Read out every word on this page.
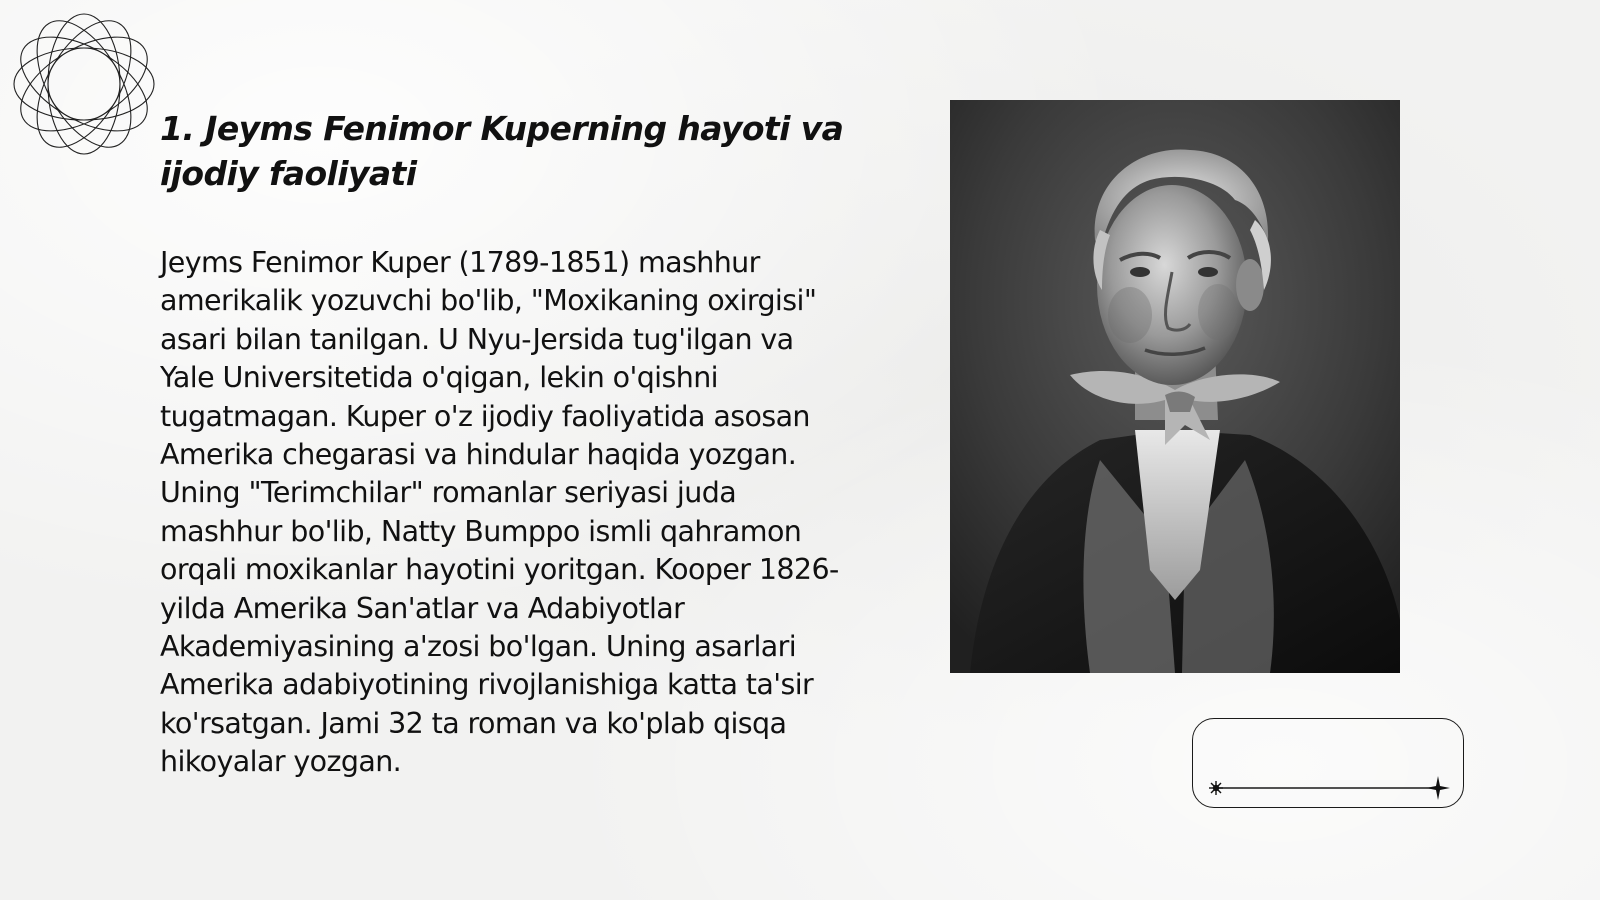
1. Jeyms Fenimor Kuperning hayoti va ijodiy faoliyati

Jeyms Fenimor Kuper (1789-1851) mashhur amerikalik yozuvchi bo'lib, "Moxikaning oxirgisi" asari bilan tanilgan. U Nyu-Jersida tug'ilgan va Yale Universitetida o'qigan, lekin o'qishni tugatmagan. Kuper o'z ijodiy faoliyatida asosan Amerika chegarasi va hindular haqida yozgan. Uning "Terimchilar" romanlar seriyasi juda mashhur bo'lib, Natty Bumppo ismli qahramon orqali moxikanlar hayotini yoritgan. Kooper 1826-yilda Amerika San'atlar va Adabiyotlar Akademiyasining a'zosi bo'lgan. Uning asarlari Amerika adabiyotining rivojlanishiga katta ta'sir ko'rsatgan. Jami 32 ta roman va ko'plab qisqa hikoyalar yozgan.
